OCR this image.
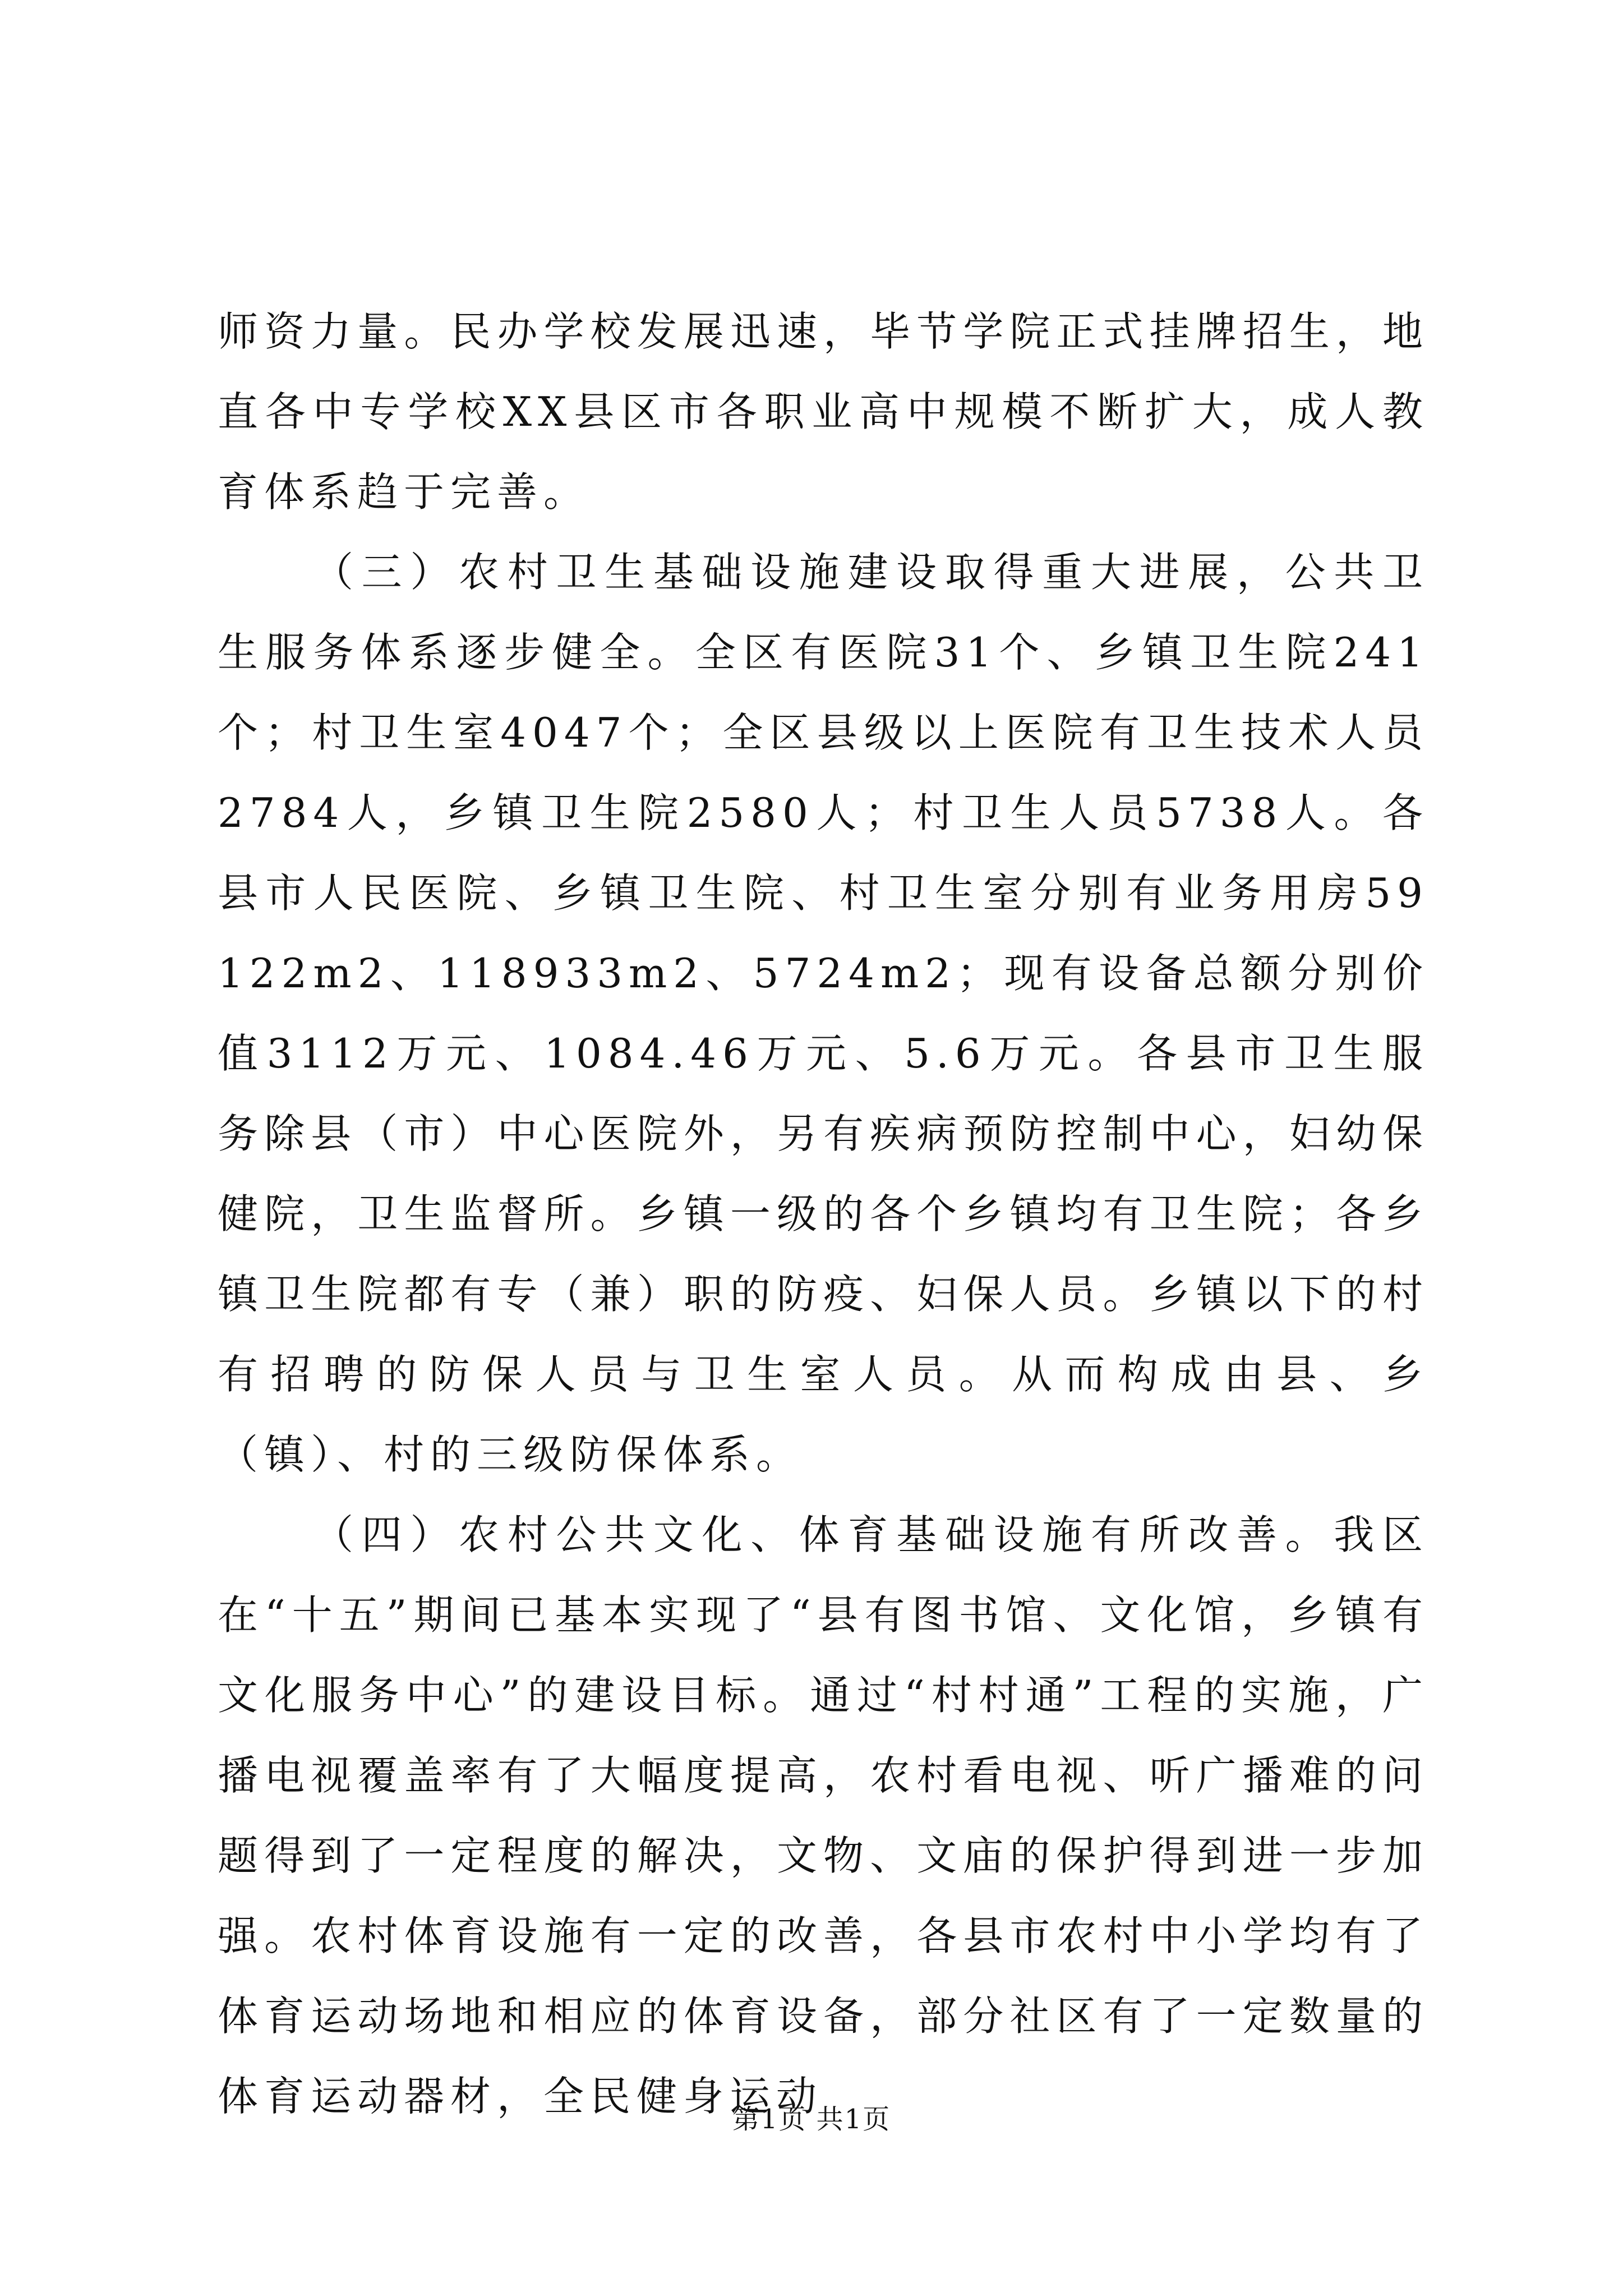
师资力量。民办学校发展迅速，毕节学院正式挂牌招生，地直各中专学校XX县区市各职业高中规模不断扩大，成人教育体系趋于完善。

（三）农村卫生基础设施建设取得重大进展，公共卫生服务体系逐步健全。全区有医院31个、乡镇卫生院241个；村卫生室4047个；全区县级以上医院有卫生技术人员2784人，乡镇卫生院2580人；村卫生人员5738人。各县市人民医院、乡镇卫生院、村卫生室分别有业务用房59122m2、118933m2、5724m2；现有设备总额分别价值3112万元、1084.46万元、5.6万元。各县市卫生服务除县（市）中心医院外，另有疾病预防控制中心，妇幼保健院，卫生监督所。乡镇一级的各个乡镇均有卫生院；各乡镇卫生院都有专（兼）职的防疫、妇保人员。乡镇以下的村有招聘的防保人员与卫生室人员。从而构成由县、乡（镇）、村的三级防保体系。

（四）农村公共文化、体育基础设施有所改善。我区在“十五”期间已基本实现了“县有图书馆、文化馆，乡镇有文化服务中心”的建设目标。通过“村村通”工程的实施，广播电视覆盖率有了大幅度提高，农村看电视、听广播难的问题得到了一定程度的解决，文物、文庙的保护得到进一步加强。农村体育设施有一定的改善，各县市农村中小学均有了体育运动场地和相应的体育设备，部分社区有了一定数量的体育运动器材，全民健身运动

第1页 共1页
